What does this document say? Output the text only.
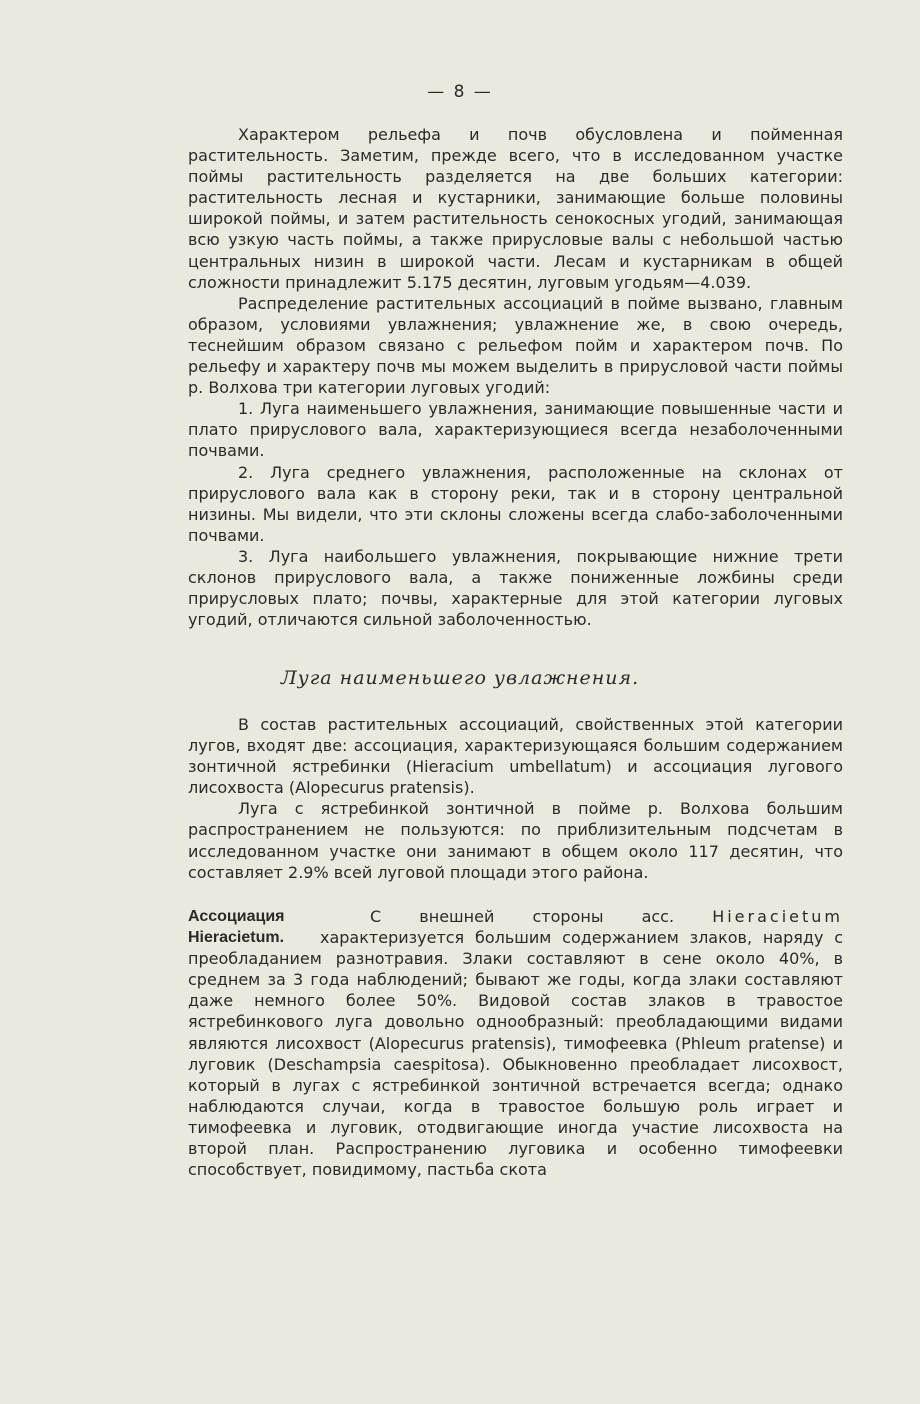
— 8 —

Характером рельефа и почв обусловлена и пойменная растительность. Заметим, прежде всего, что в исследованном участке поймы растительность разделяется на две больших категории: растительность лесная и кустарники, занимающие больше половины широкой поймы, и затем растительность сенокосных угодий, занимающая всю узкую часть поймы, а также прирусловые валы с небольшой частью центральных низин в широкой части. Лесам и кустарникам в общей сложности принадлежит 5.175 десятин, луговым угодьям—4.039.

Распределение растительных ассоциаций в пойме вызвано, главным образом, условиями увлажнения; увлажнение же, в свою очередь, теснейшим образом связано с рельефом пойм и характером почв. По рельефу и характеру почв мы можем выделить в прирусловой части поймы р. Волхова три категории луговых угодий:

1. Луга наименьшего увлажнения, занимающие повышенные части и плато прируслового вала, характеризующиеся всегда незаболоченными почвами.

2. Луга среднего увлажнения, расположенные на склонах от прируслового вала как в сторону реки, так и в сторону центральной низины. Мы видели, что эти склоны сложены всегда слабо-заболоченными почвами.

3. Луга наибольшего увлажнения, покрывающие нижние трети склонов прируслового вала, а также пониженные ложбины среди прирусловых плато; почвы, характерные для этой категории луговых угодий, отличаются сильной заболоченностью.

Луга наименьшего увлажнения.

В состав растительных ассоциаций, свойственных этой категории лугов, входят две: ассоциация, характеризующаяся большим содержанием зонтичной ястребинки (Hieracium umbellatum) и ассоциация лугового лисохвоста (Alopecurus pratensis).

Луга с ястребинкой зонтичной в пойме р. Волхова большим распространением не пользуются: по приблизительным подсчетам в исследованном участке они занимают в общем около 117 десятин, что составляет 2.9% всей луговой площади этого района.

Ассоциация
Hieracietum.

С внешней стороны асс. Hieracietum характеризуется большим содержанием злаков, наряду с преобладанием разнотравия. Злаки составляют в сене около 40%, в среднем за 3 года наблюдений; бывают же годы, когда злаки составляют даже немного более 50%. Видовой состав злаков в травостое ястребинкового луга довольно однообразный: преобладающими видами являются лисохвост (Alopecurus pratensis), тимофеевка (Phleum pratense) и луговик (Deschampsia caespitosa). Обыкновенно преобладает лисохвост, который в лугах с ястребинкой зонтичной встречается всегда; однако наблюдаются случаи, когда в травостое большую роль играет и тимофеевка и луговик, отодвигающие иногда участие лисохвоста на второй план. Распространению луговика и особенно тимофеевки способствует, повидимому, пастьба скота
